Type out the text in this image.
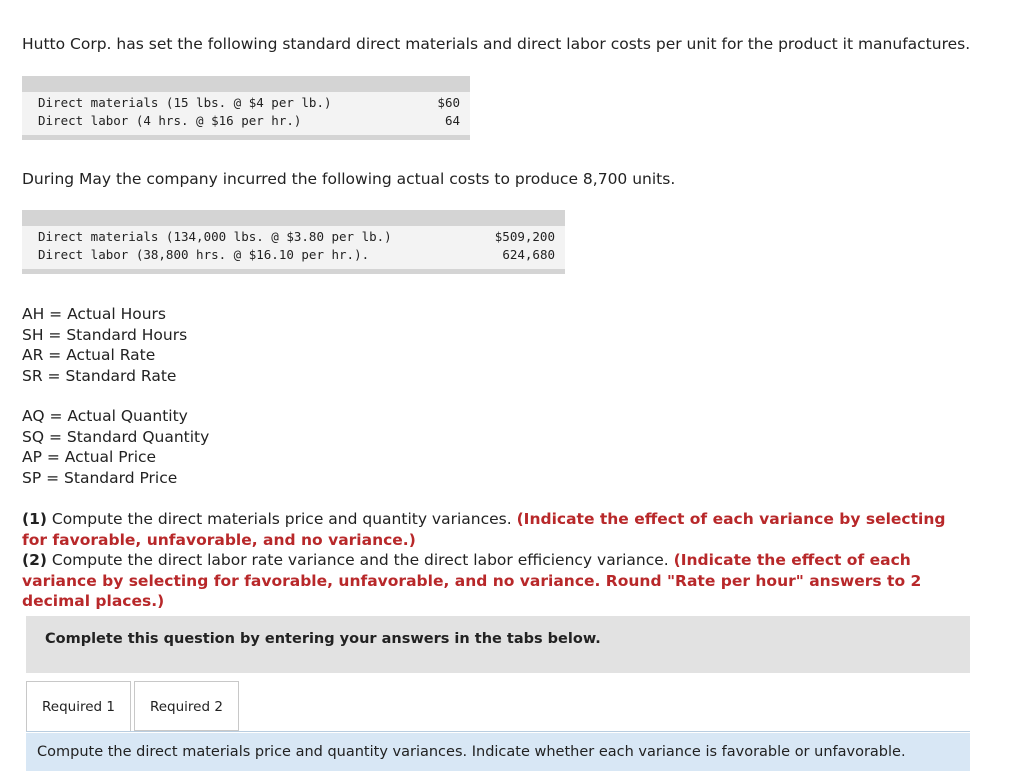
Hutto Corp. has set the following standard direct materials and direct labor costs per unit for the product it manufactures.
Direct materials (15 lbs. @ $4 per lb.)	$60
Direct labor (4 hrs. @ $16 per hr.)	64
During May the company incurred the following actual costs to produce 8,700 units.
Direct materials (134,000 lbs. @ $3.80 per lb.)	$509,200
Direct labor (38,800 hrs. @ $16.10 per hr.).	624,680
AH = Actual Hours
SH = Standard Hours
AR = Actual Rate
SR = Standard Rate
AQ = Actual Quantity
SQ = Standard Quantity
AP = Actual Price
SP = Standard Price
(1) Compute the direct materials price and quantity variances. (Indicate the effect of each variance by selecting for favorable, unfavorable, and no variance.)
(2) Compute the direct labor rate variance and the direct labor efficiency variance. (Indicate the effect of each variance by selecting for favorable, unfavorable, and no variance. Round "Rate per hour" answers to 2 decimal places.)
Complete this question by entering your answers in the tabs below.
Required 1	Required 2
Compute the direct materials price and quantity variances. Indicate whether each variance is favorable or unfavorable.
